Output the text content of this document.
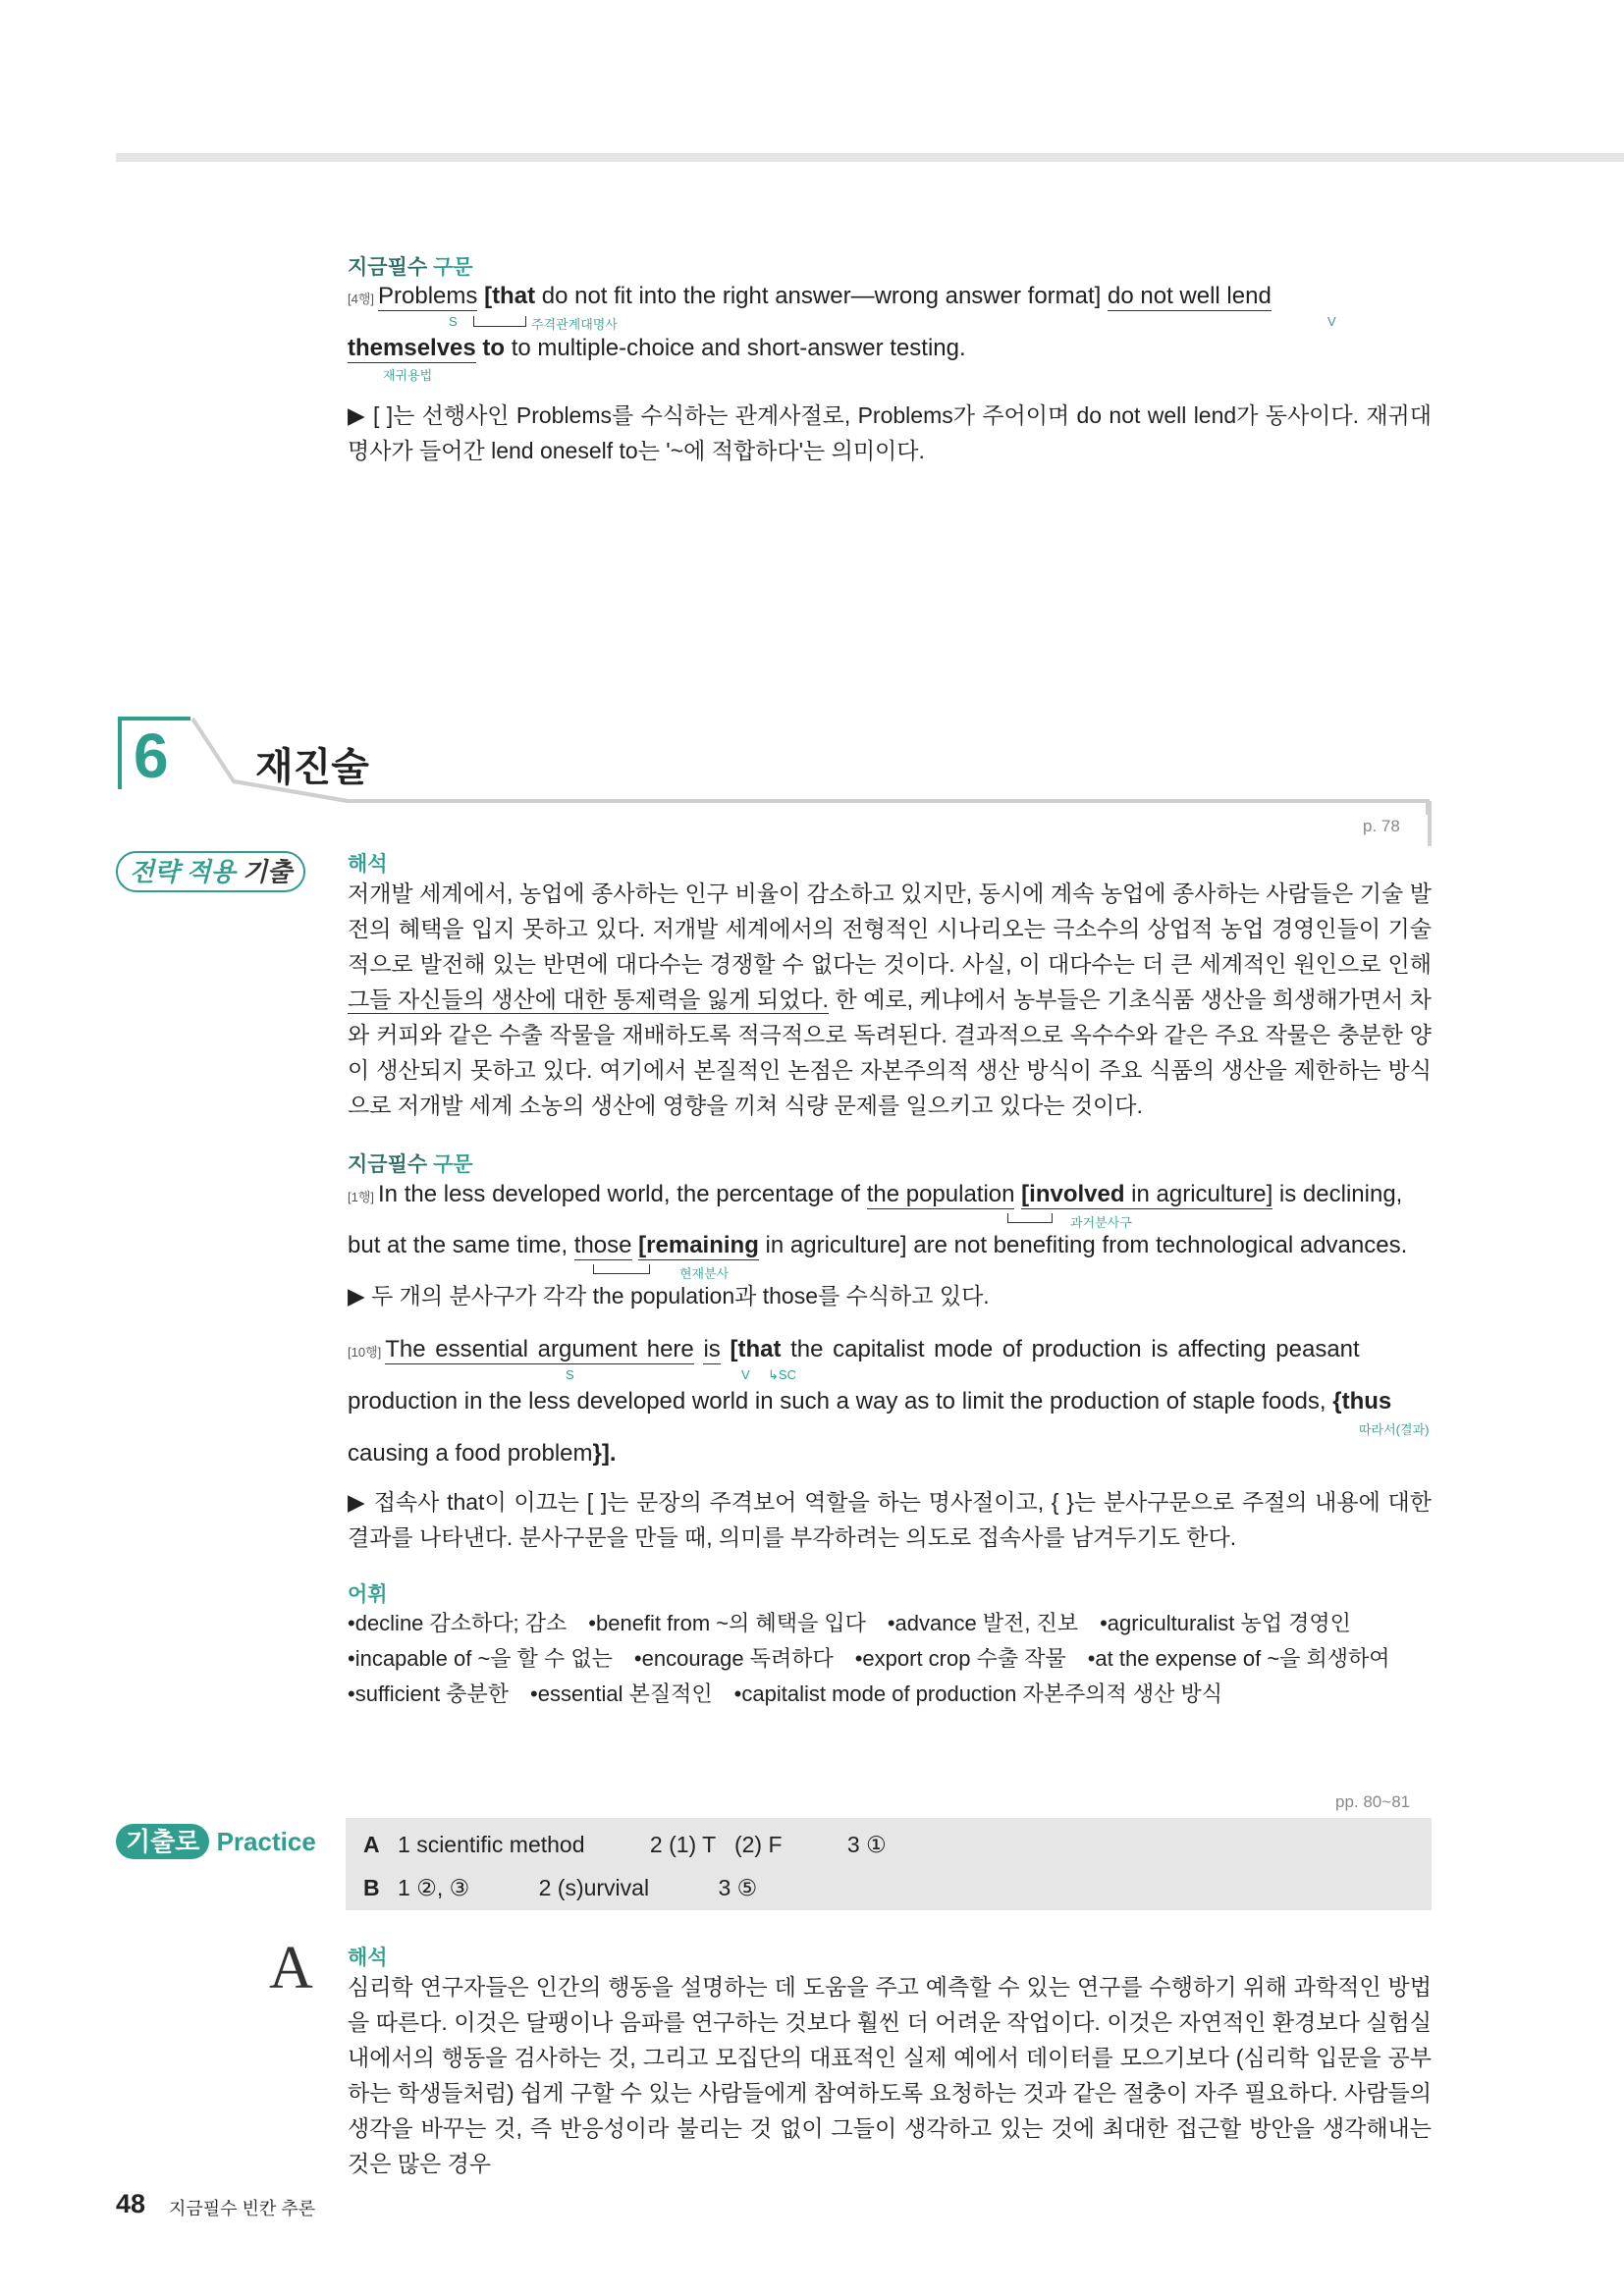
지금필수 구문
[4행] Problems [that do not fit into the right answer—wrong answer format] do not well lend
S	주격관계대명사	V
themselves to to multiple-choice and short-answer testing.
재귀용법
▶ [ ]는 선행사인 Problems를 수식하는 관계사절로, Problems가 주어이며 do not well lend가 동사이다. 재귀대명사가 들어간 lend oneself to는 '~에 적합하다'는 의미이다.
6 재진술
p. 78
전략 적용 기출	해석
저개발 세계에서, 농업에 종사하는 인구 비율이 감소하고 있지만, 동시에 계속 농업에 종사하는 사람들은 기술 발전의 혜택을 입지 못하고 있다. 저개발 세계에서의 전형적인 시나리오는 극소수의 상업적 농업 경영인들이 기술적으로 발전해 있는 반면에 대다수는 경쟁할 수 없다는 것이다. 사실, 이 대다수는 더 큰 세계적인 원인으로 인해 그들 자신들의 생산에 대한 통제력을 잃게 되었다. 한 예로, 케냐에서 농부들은 기초식품 생산을 희생해가면서 차와 커피와 같은 수출 작물을 재배하도록 적극적으로 독려된다. 결과적으로 옥수수와 같은 주요 작물은 충분한 양이 생산되지 못하고 있다. 여기에서 본질적인 논점은 자본주의적 생산 방식이 주요 식품의 생산을 제한하는 방식으로 저개발 세계 소농의 생산에 영향을 끼쳐 식량 문제를 일으키고 있다는 것이다.
지금필수 구문
[1행] In the less developed world, the percentage of the population [involved in agriculture] is declining,
과거분사구
but at the same time, those [remaining in agriculture] are not benefiting from technological advances.
현재분사
▶ 두 개의 분사구가 각각 the population과 those를 수식하고 있다.
[10행] The essential argument here is [that the capitalist mode of production is affecting peasant
S	V ↳SC
production in the less developed world in such a way as to limit the production of staple foods, {thus
따라서(결과)
causing a food problem}].
▶ 접속사 that이 이끄는 [ ]는 문장의 주격보어 역할을 하는 명사절이고, { }는 분사구문으로 주절의 내용에 대한 결과를 나타낸다. 분사구문을 만들 때, 의미를 부각하려는 의도로 접속사를 남겨두기도 한다.
어휘
•decline 감소하다; 감소 •benefit from ~의 혜택을 입다 •advance 발전, 진보 •agriculturalist 농업 경영인
•incapable of ~을 할 수 없는 •encourage 독려하다 •export crop 수출 작물 •at the expense of ~을 희생하여
•sufficient 충분한 •essential 본질적인 •capitalist mode of production 자본주의적 생산 방식
pp. 80~81
기출로 Practice A 1 scientific method	2 (1) T   (2) F	3 ①
B 1 ②, ③	2 (s)urvival	3 ⑤
A 해석
심리학 연구자들은 인간의 행동을 설명하는 데 도움을 주고 예측할 수 있는 연구를 수행하기 위해 과학적인 방법을 따른다. 이것은 달팽이나 음파를 연구하는 것보다 훨씬 더 어려운 작업이다. 이것은 자연적인 환경보다 실험실 내에서의 행동을 검사하는 것, 그리고 모집단의 대표적인 실제 예에서 데이터를 모으기보다 (심리학 입문을 공부하는 학생들처럼) 쉽게 구할 수 있는 사람들에게 참여하도록 요청하는 것과 같은 절충이 자주 필요하다. 사람들의 생각을 바꾸는 것, 즉 반응성이라 불리는 것 없이 그들이 생각하고 있는 것에 최대한 접근할 방안을 생각해내는 것은 많은 경우
48 지금필수 빈칸 추론
